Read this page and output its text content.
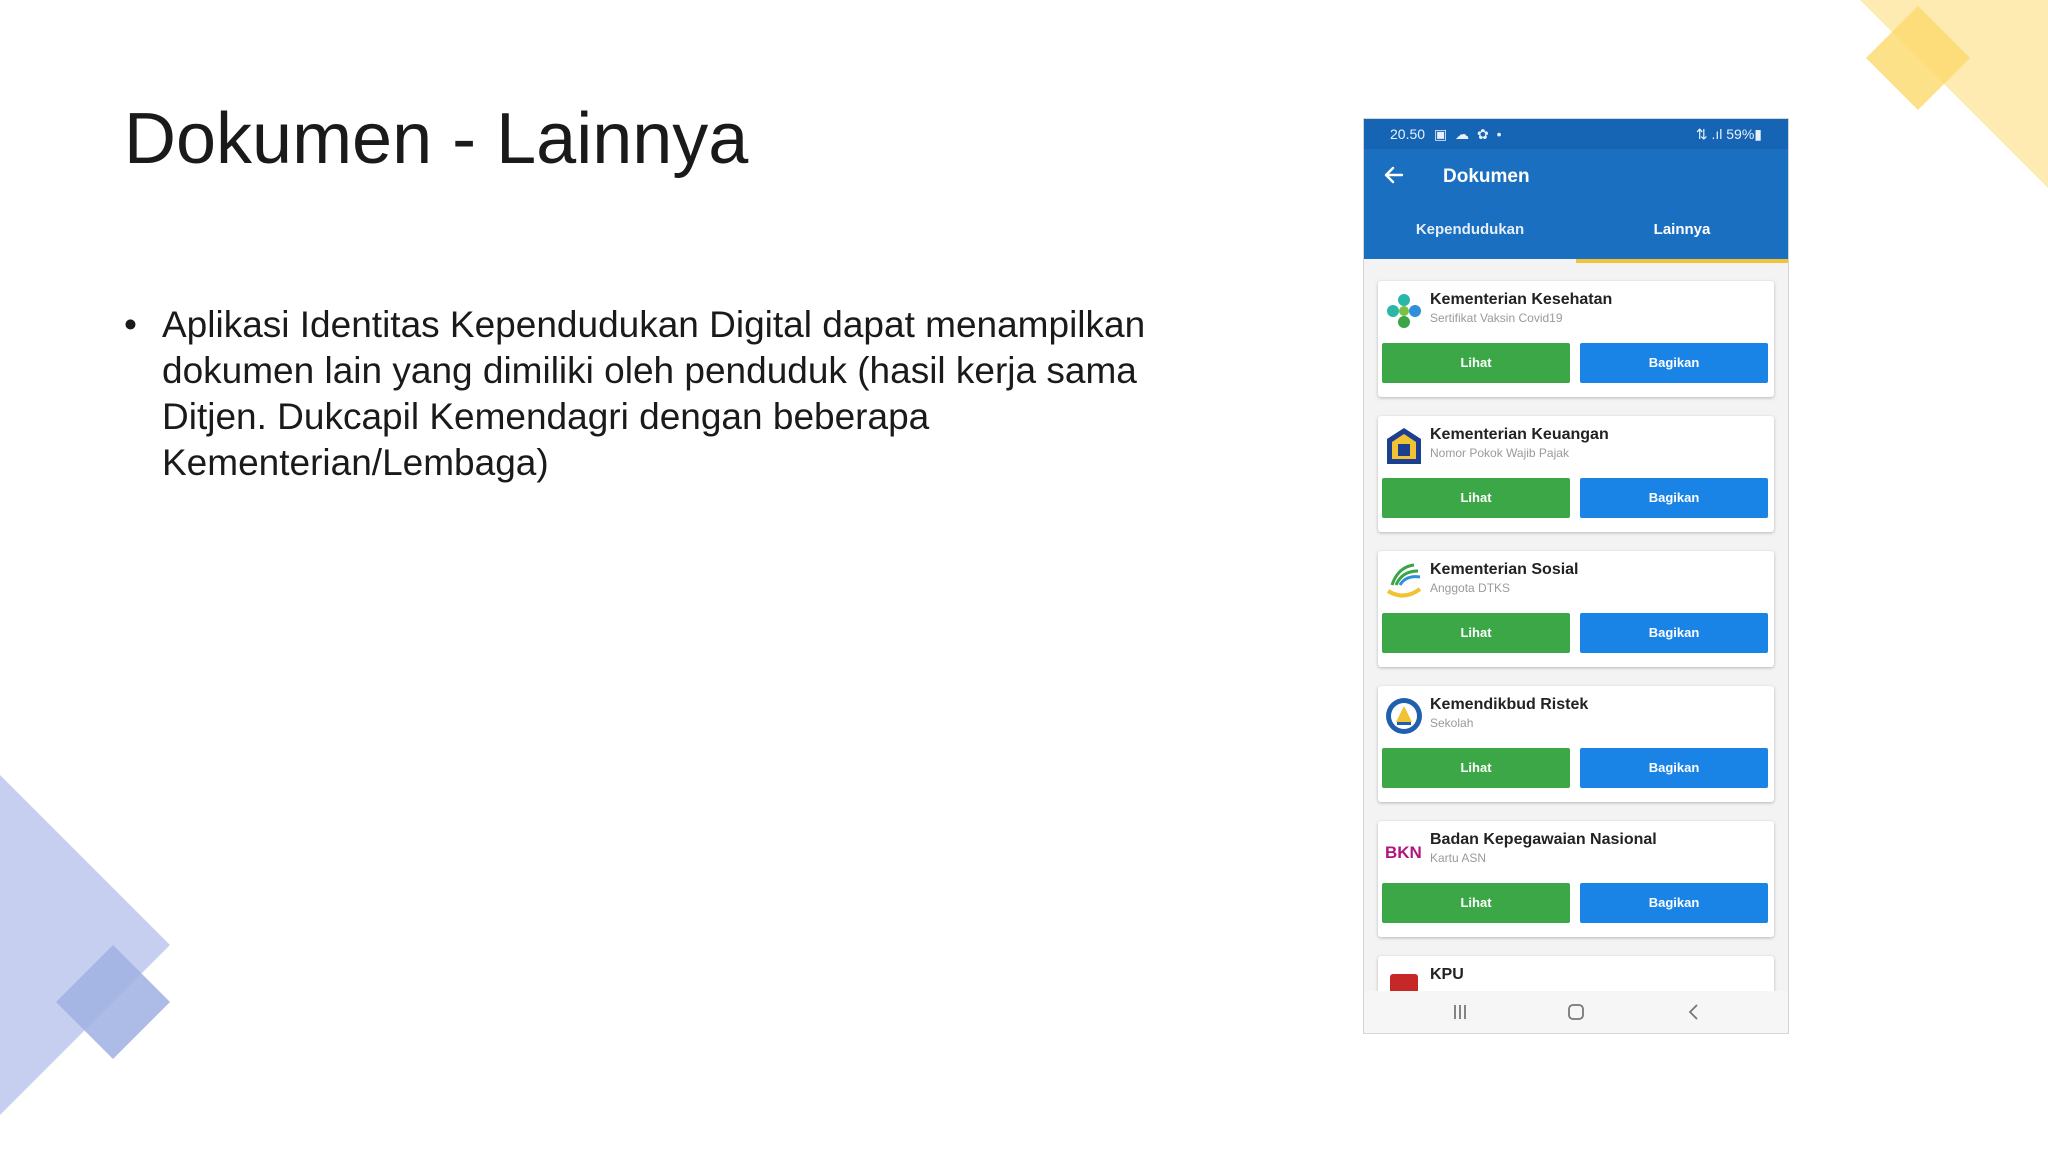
Dokumen - Lainnya
• Aplikasi Identitas Kependudukan Digital dapat menampilkan dokumen lain yang dimiliki oleh penduduk (hasil kerja sama Ditjen. Dukcapil Kemendagri dengan beberapa Kementerian/Lembaga)
20.50 ▣ ☁ ✿ •	⇅ .ıl 59%▮
Dokumen
Kependudukan	Lainnya
Kementerian Kesehatan
Sertifikat Vaksin Covid19
Lihat	Bagikan
Kementerian Keuangan
Nomor Pokok Wajib Pajak
Lihat	Bagikan
Kementerian Sosial
Anggota DTKS
Lihat	Bagikan
Kemendikbud Ristek
Sekolah
Lihat	Bagikan
BKN
Badan Kepegawaian Nasional
Kartu ASN
Lihat	Bagikan
KPU
